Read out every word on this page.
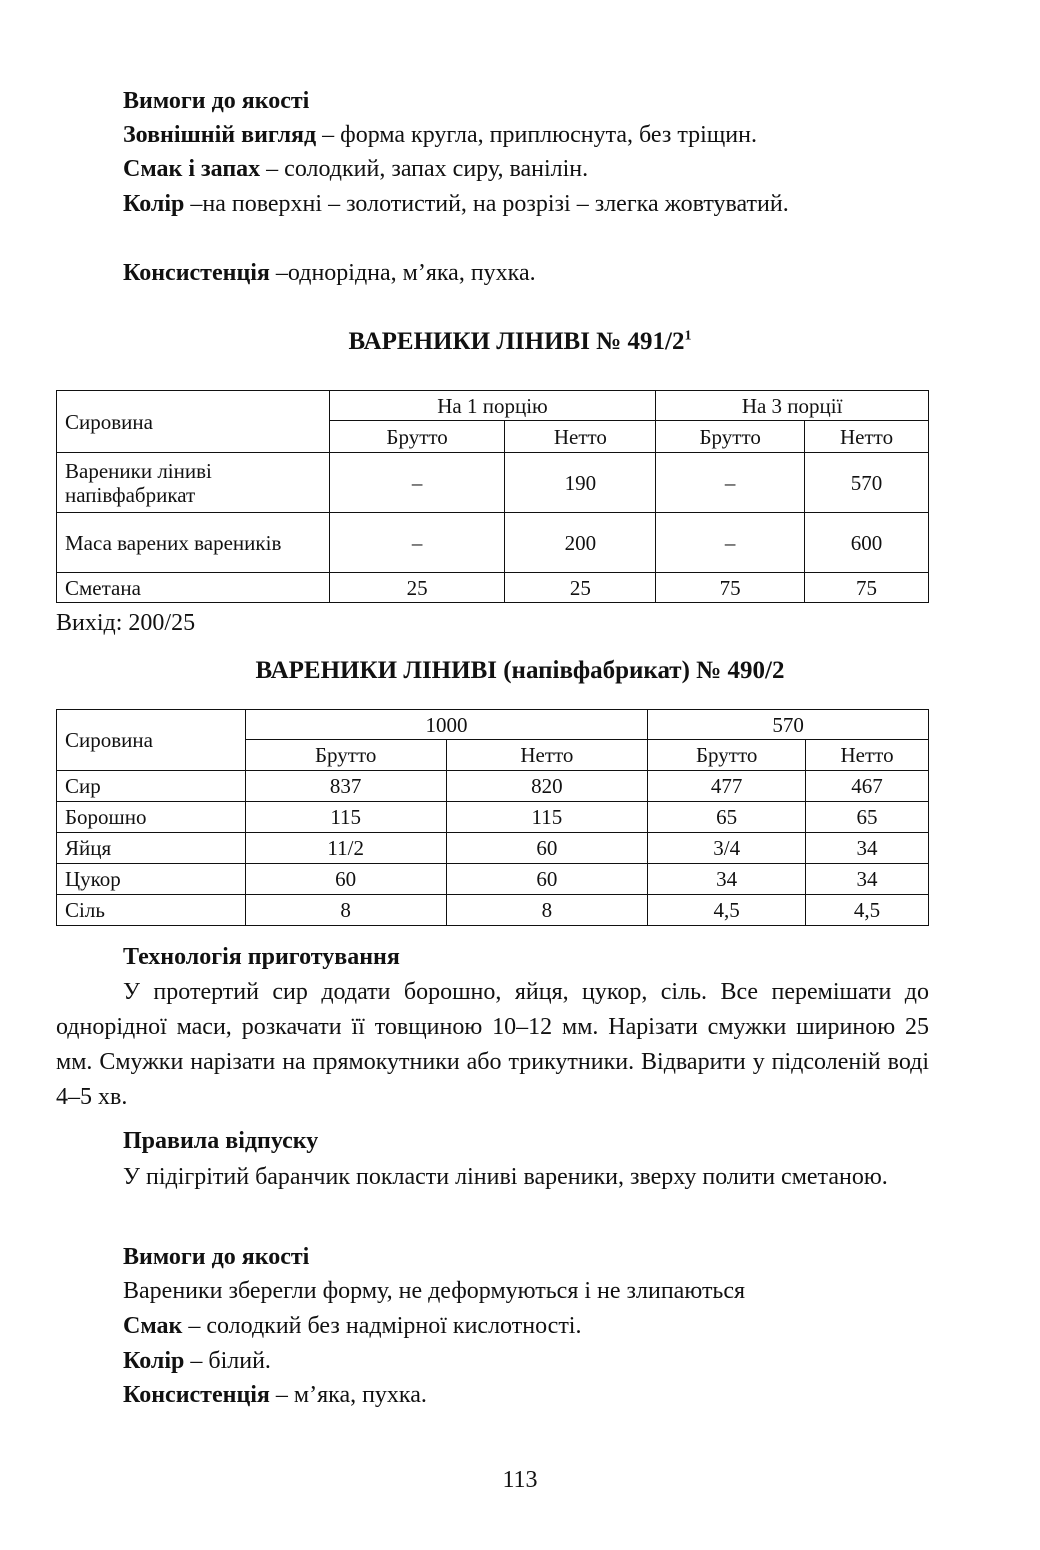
Вимоги до якості
Зовнішній вигляд – форма кругла, приплюснута, без тріщин.
Смак і запах – солодкий, запах сиру, ванілін.
Колір –на поверхні – золотистий, на розрізі – злегка жовтуватий.
Консистенція –однорідна, м’яка, пухка.
ВАРЕНИКИ ЛІНИВІ № $491/2^1$
Сировина	На 1 порцію		На 3 порції	
	Брутто	Нетто	Брутто	Нетто
Вареники ліниві напівфабрикат	–	190	–	570
Маса варених вареників	–	200	–	600
Сметана	25	25	75	75
Вихід: 200/25
ВАРЕНИКИ ЛІНИВІ (напівфабрикат) № 490/2
Сировина	1000		570	
	Брутто	Нетто	Брутто	Нетто
Сир	837	820	477	467
Борошно	115	115	65	65
Яйця	11/2	60	3/4	34
Цукор	60	60	34	34
Сіль	8	8	4,5	4,5
Технологія приготування
У протертий сир додати борошно, яйця, цукор, сіль. Все перемішати до однорідної маси, розкачати її товщиною 10–12 мм. Нарізати смужки шириною 25 мм. Смужки нарізати на прямокутники або трикутники. Відварити у підсоленій воді 4–5 хв.
Правила відпуску
У підігрітий баранчик покласти ліниві вареники, зверху полити сметаною.
Вимоги до якості
Вареники зберегли форму, не деформуються і не злипаються
Смак – солодкий без надмірної кислотності.
Колір – білий.
Консистенція – м’яка, пухка.
113
